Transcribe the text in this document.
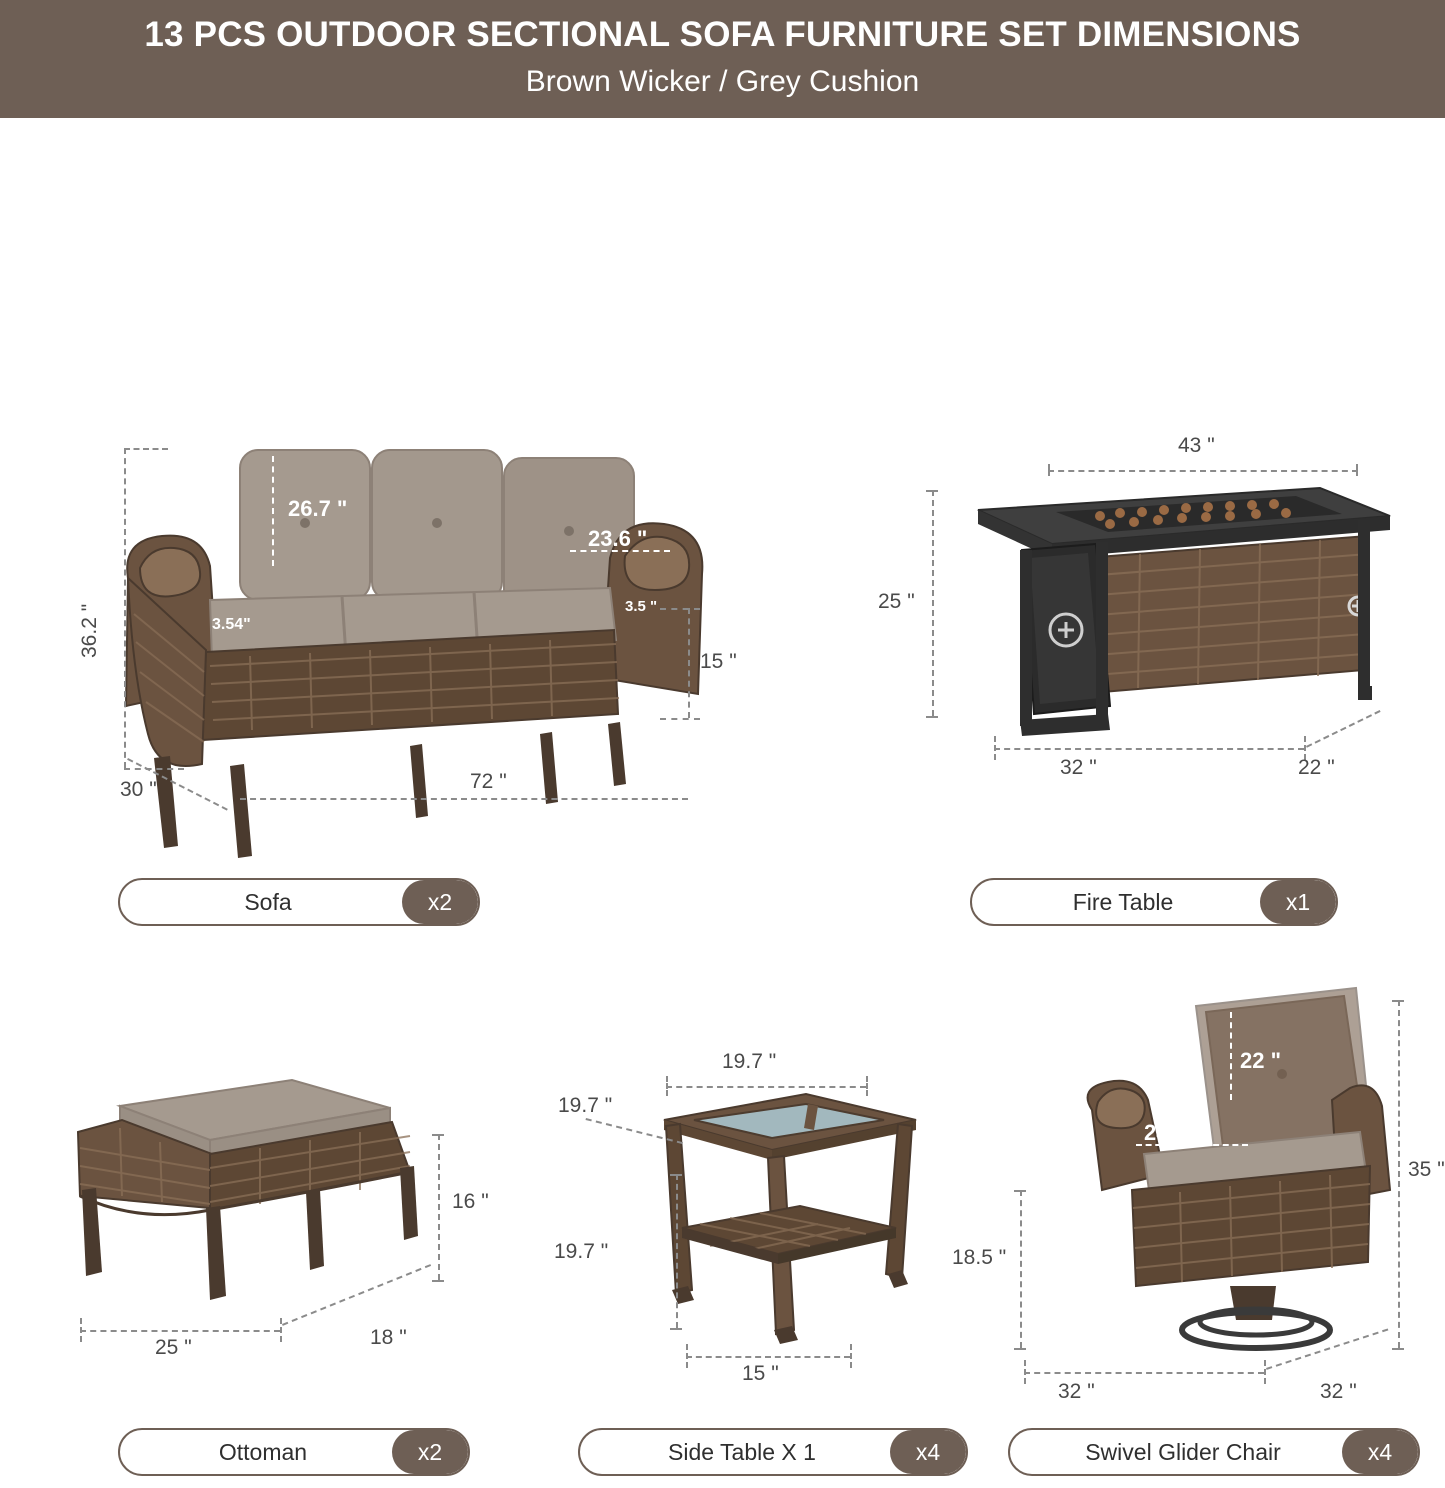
13 PCS OUTDOOR SECTIONAL SOFA FURNITURE SET DIMENSIONS
Brown Wicker / Grey Cushion
36.2 "
26.7 "
23.6 "
3.5 "
3.54"
15 "
30 "	72 "
Sofa	x2
43 "
25 "
32 "	22 "
Fire Table	x1
16 "
25 "	18 "
Ottoman	x2
19.7 "
19.7 "
19.7 "
15 "
Side Table X 1	x4
22 "
24 "
35 "
18.5 "
32 "	32 "
Swivel Glider Chair	x4
